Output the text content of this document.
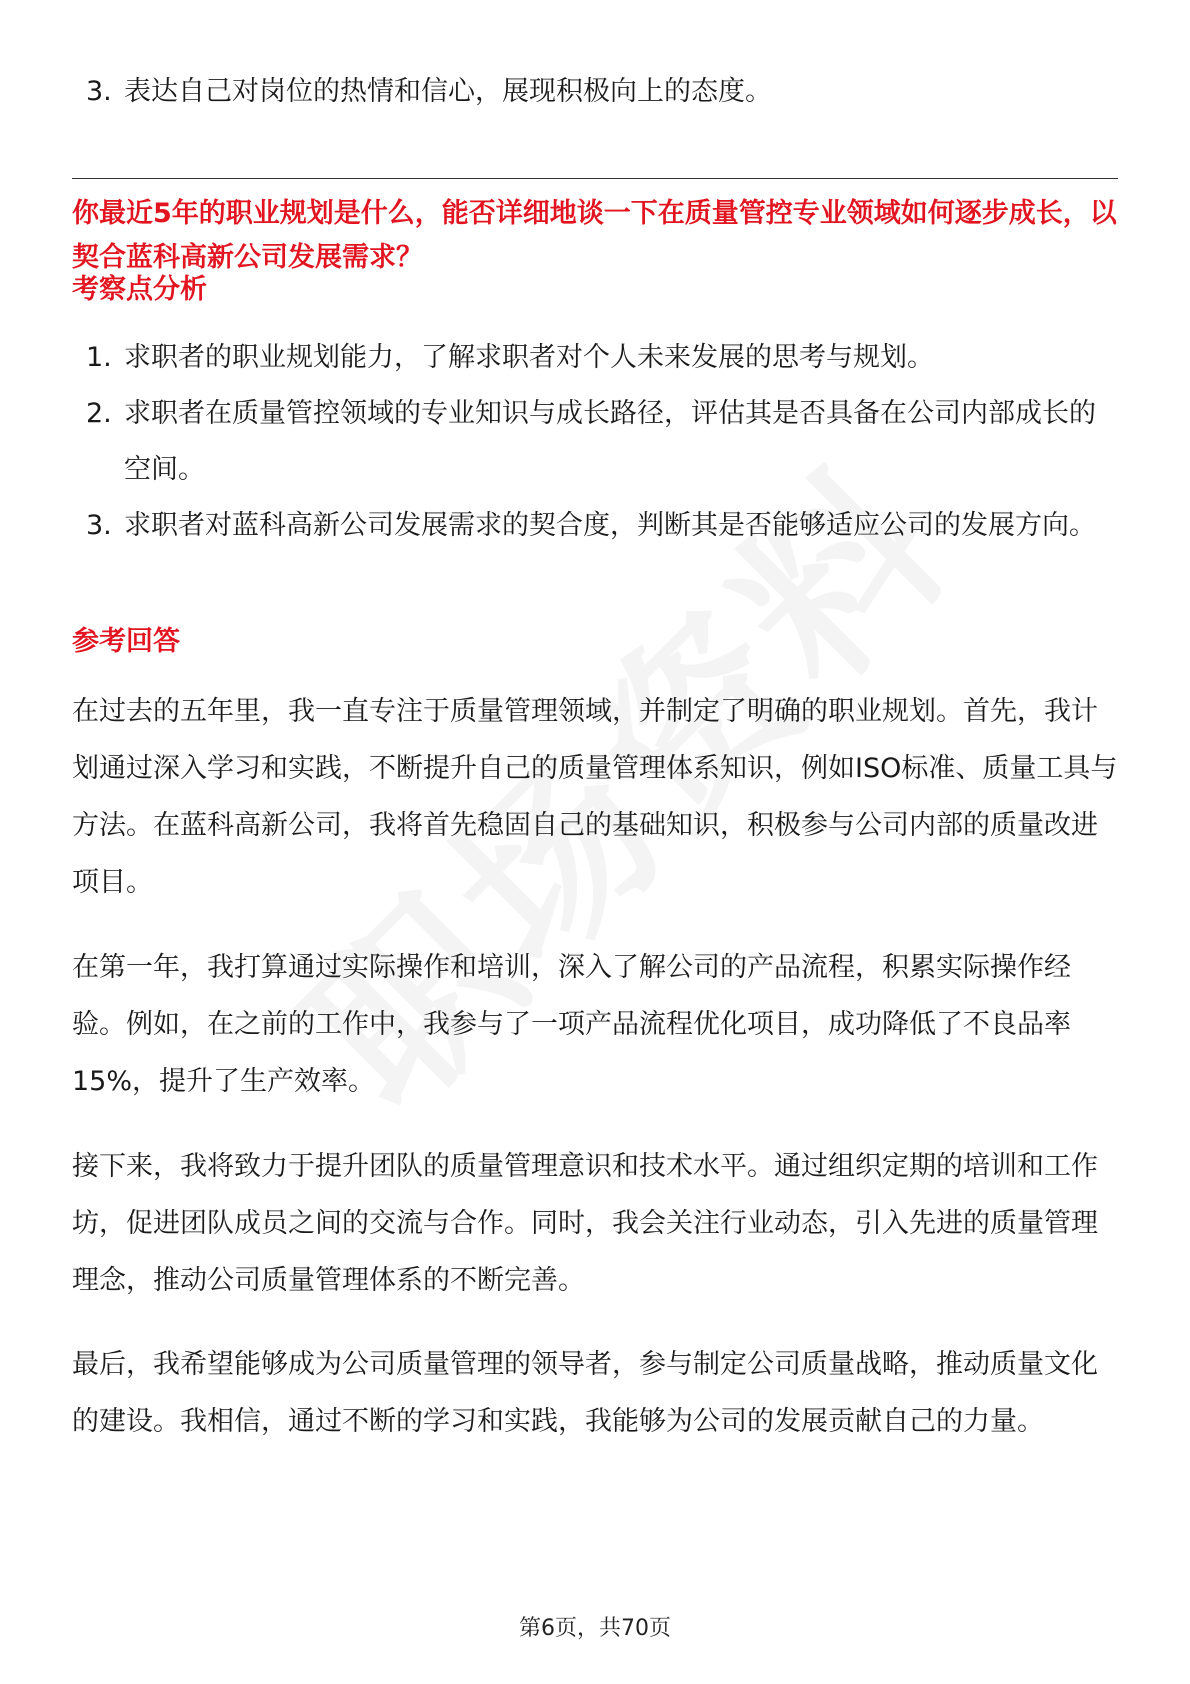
3. 表达自己对岗位的热情和信心，展现积极向上的态度。
你最近5年的职业规划是什么，能否详细地谈一下在质量管控专业领域如何逐步成长，以契合蓝科高新公司发展需求？
考察点分析
1. 求职者的职业规划能力，了解求职者对个人未来发展的思考与规划。
2. 求职者在质量管控领域的专业知识与成长路径，评估其是否具备在公司内部成长的空间。
3. 求职者对蓝科高新公司发展需求的契合度，判断其是否能够适应公司的发展方向。
参考回答

在过去的五年里，我一直专注于质量管理领域，并制定了明确的职业规划。首先，我计划通过深入学习和实践，不断提升自己的质量管理体系知识，例如ISO标准、质量工具与方法。在蓝科高新公司，我将首先稳固自己的基础知识，积极参与公司内部的质量改进项目。

在第一年，我打算通过实际操作和培训，深入了解公司的产品流程，积累实际操作经验。例如，在之前的工作中，我参与了一项产品流程优化项目，成功降低了不良品率15%，提升了生产效率。

接下来，我将致力于提升团队的质量管理意识和技术水平。通过组织定期的培训和工作坊，促进团队成员之间的交流与合作。同时，我会关注行业动态，引入先进的质量管理理念，推动公司质量管理体系的不断完善。

最后，我希望能够成为公司质量管理的领导者，参与制定公司质量战略，推动质量文化的建设。我相信，通过不断的学习和实践，我能够为公司的发展贡献自己的力量。

第6页，共70页
